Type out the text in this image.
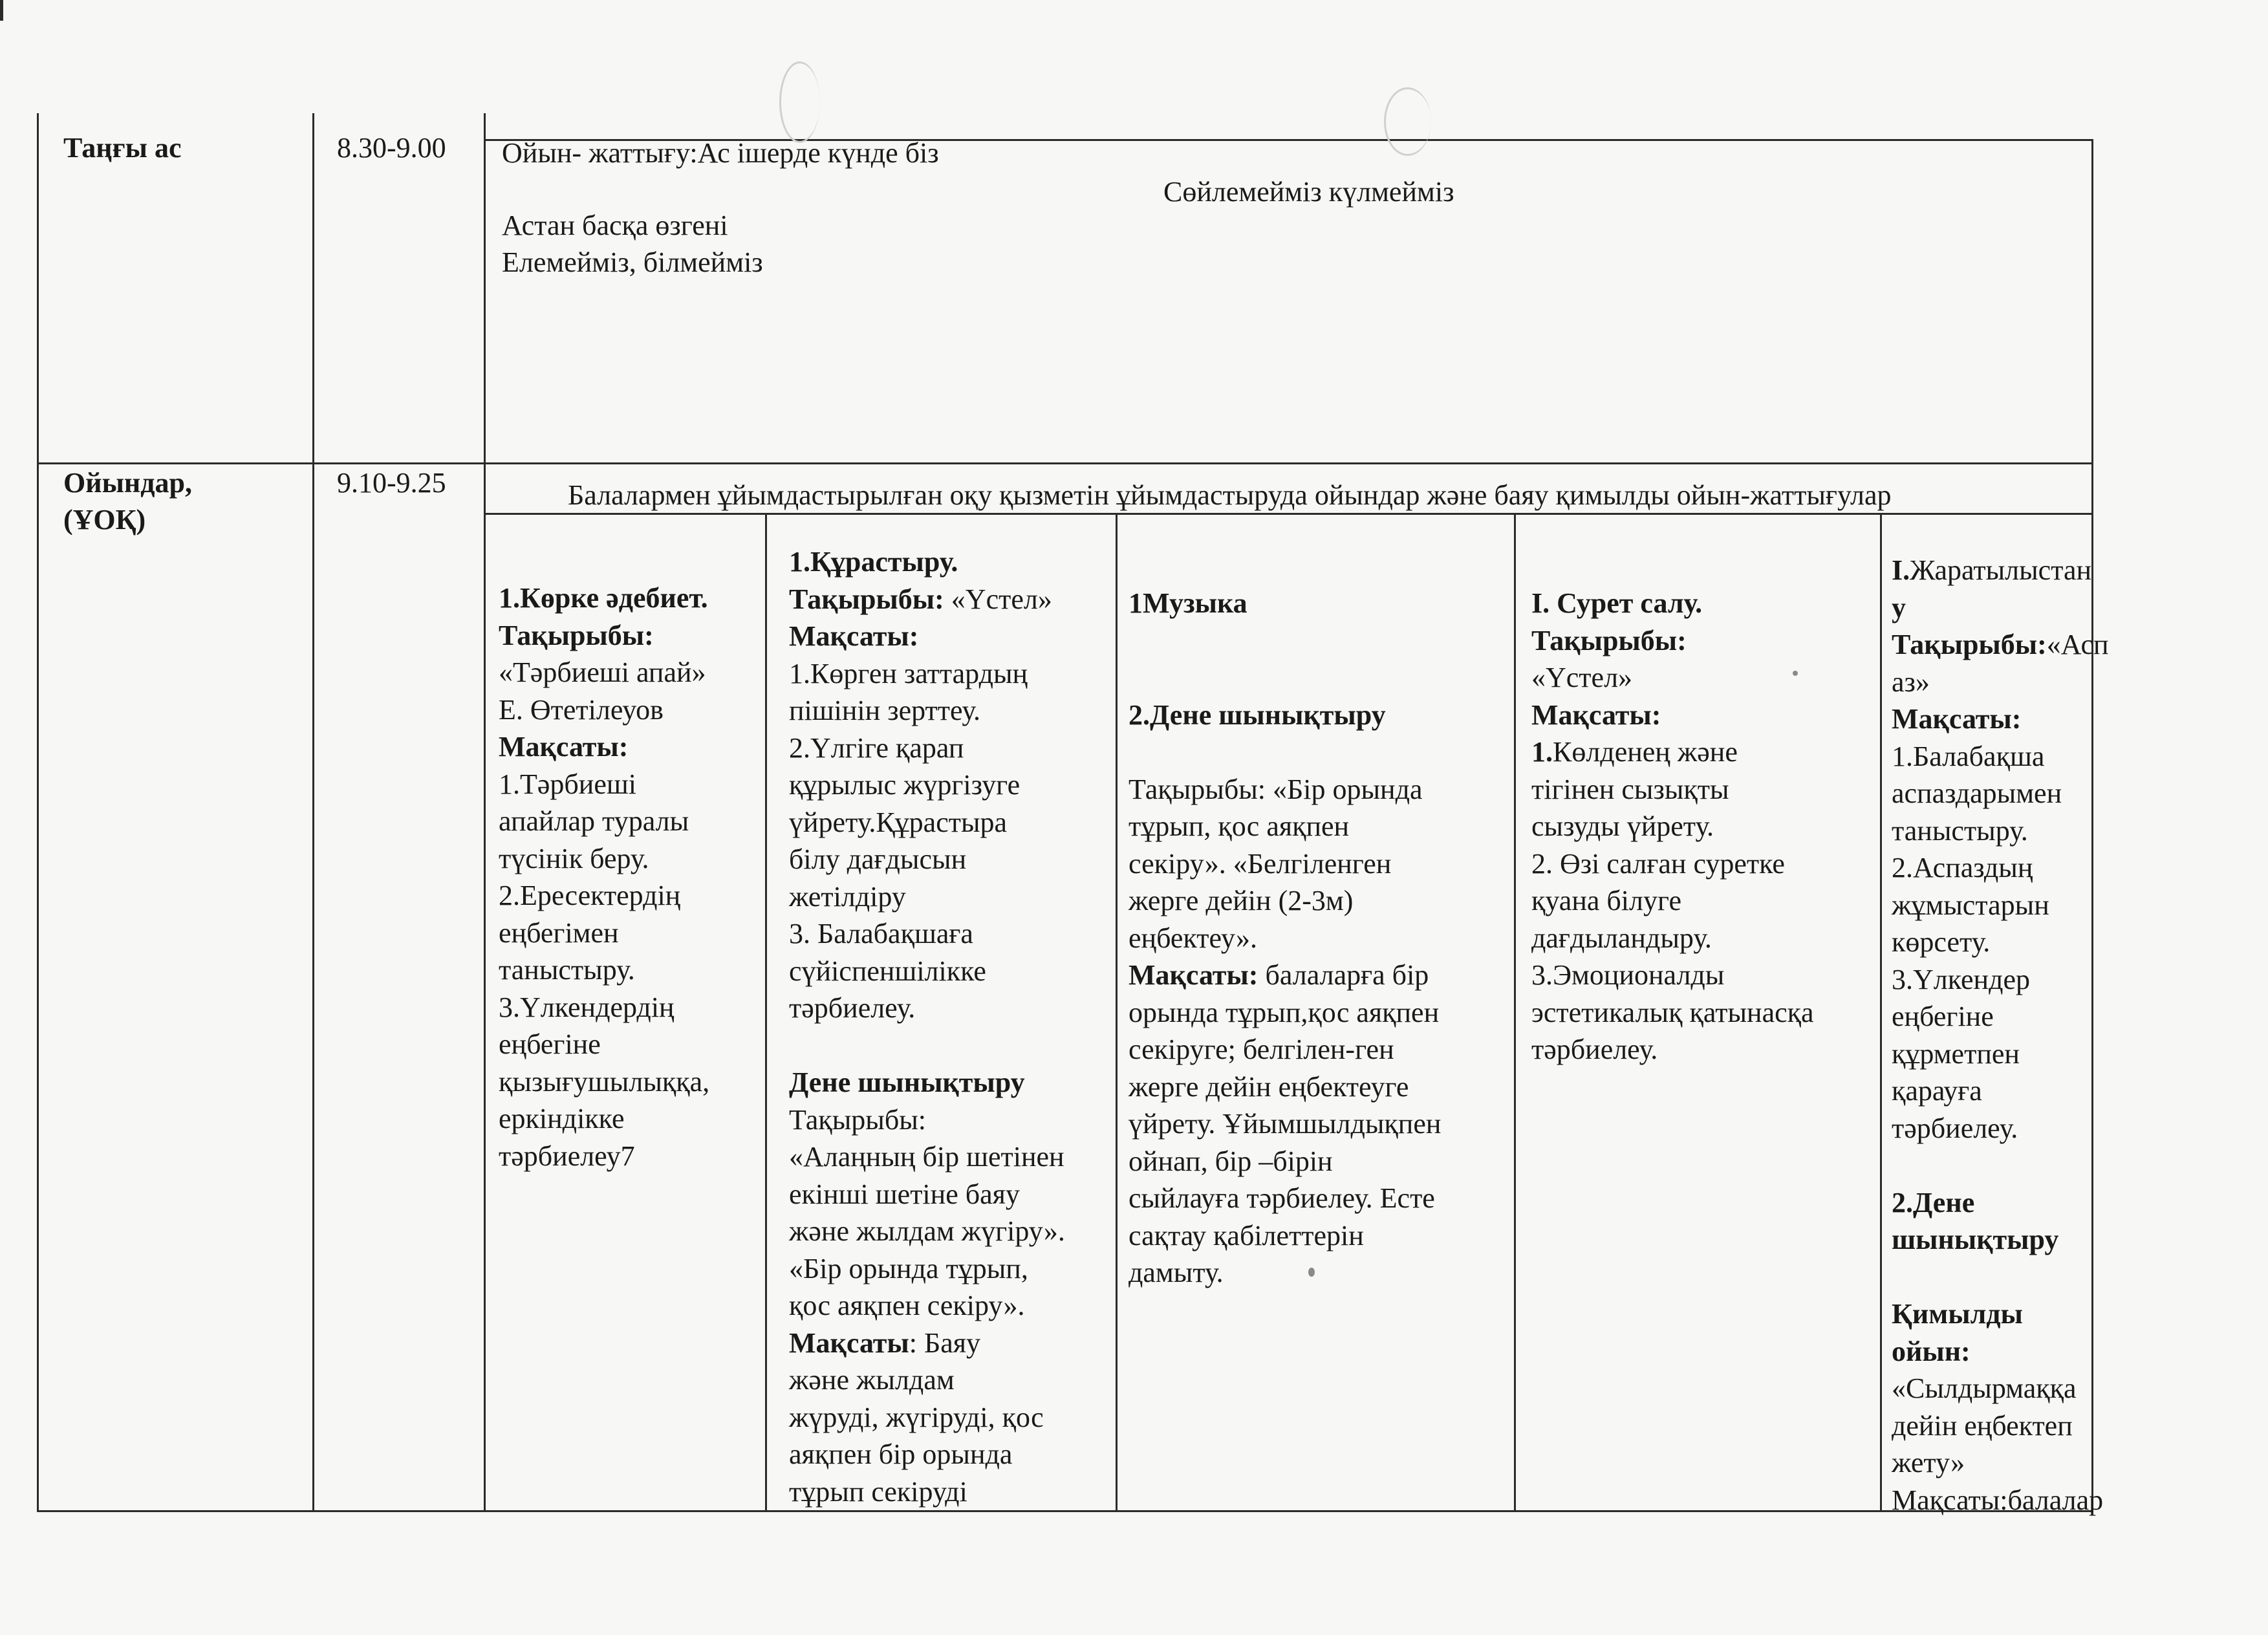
Таңғы ас	8.30-9.00 Ойын- жаттығу:Ас ішерде күнде біз
Сөйлемейміз күлмейміз
Астан басқа өзгені
Елемейміз, білмейміз
Ойындар,
(ҰОҚ)
9.10-9.25	Балалармен ұйымдастырылған оқу қызметін ұйымдастыруда ойындар және баяу қимылды ойын-жаттығулар
1.Көрке әдебиет.
Тақырыбы:
«Тәрбиеші апай»
Е. Өтетілеуов
Мақсаты:
1.Тәрбиеші
апайлар туралы
түсінік беру.
2.Ересектердің
еңбегімен
таныстыру.
3.Үлкендердің
еңбегіне
қызығушылыққа,
еркіндікке
тәрбиелеу7
1.Құрастыру.
Тақырыбы: «Үстел»
Мақсаты:
1.Көрген заттардың
пішінін зерттеу.
2.Үлгіге қарап
құрылыс жүргізуге
үйрету.Құрастыра
білу дағдысын
жетілдіру
3. Балабақшаға
сүйіспеншілікке
тәрбиелеу.

Дене шынықтыру
Тақырыбы:
«Алаңның бір шетінен
екінші шетіне баяу
және жылдам жүгіру».
«Бір орында тұрып,
қос аяқпен секіру».
Мақсаты: Баяу
және жылдам
жүруді, жүгіруді, қос
аяқпен бір орында
тұрып секіруді
1Музыка

2.Дене шынықтыру

Тақырыбы: «Бір орында
тұрып, қос аяқпен
секіру». «Белгіленген
жерге дейін (2-3м)
еңбектеу».
Мақсаты: балаларға бір
орында тұрып,қос аяқпен
секіруге; белгілен-ген
жерге дейін еңбектеуге
үйрету. Ұйымшылдықпен
ойнап, бір –бірін
сыйлауға тәрбиелеу. Есте
сақтау қабілеттерін
дамыту.
І. Сурет салу.
Тақырыбы:
«Үстел»
Мақсаты:
1.Көлденең және
тігінен сызықты
сызуды үйрету.
2. Өзі салған суретке
қуана білуге
дағдыландыру.
3.Эмоционалды
эстетикалық қатынасқа
тәрбиелеу.
І.Жаратылыстан
у
Тақырыбы:«Асп
аз»
Мақсаты:
1.Балабақша
аспаздарымен
таныстыру.
2.Аспаздың
жұмыстарын
көрсету.
3.Үлкендер
еңбегіне
құрметпен
қарауға
тәрбиелеу.

2.Дене
шынықтыру

Қимылды
ойын:
«Сылдырмаққа
дейін еңбектеп
жету»
Мақсаты:балалар
